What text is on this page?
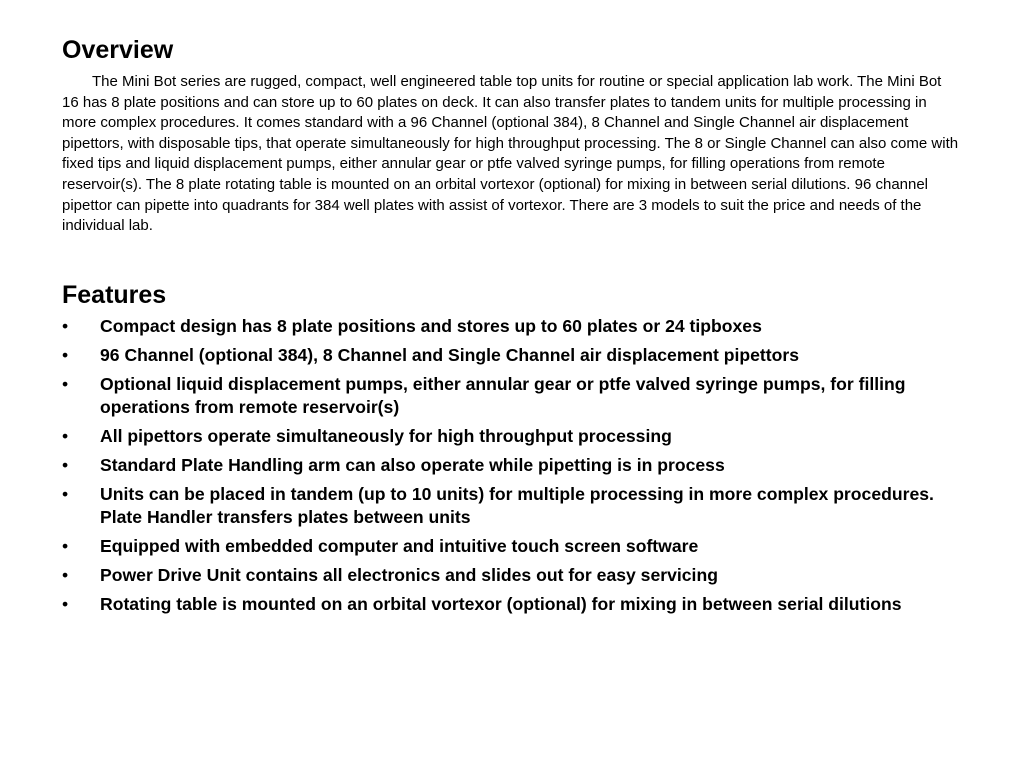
Overview

The Mini Bot series are rugged, compact, well engineered table top units for routine or special application lab work. The Mini Bot 16 has 8 plate positions and can store up to 60 plates on deck. It can also transfer plates to tandem units for multiple processing in more complex procedures. It comes standard with a 96 Channel (optional 384), 8 Channel and Single Channel air displacement pipettors, with disposable tips, that operate simultaneously for high throughput processing. The 8 or Single Channel can also come with fixed tips and liquid displacement pumps, either annular gear or ptfe valved syringe pumps, for filling operations from remote reservoir(s). The 8 plate rotating table is mounted on an orbital vortexor (optional) for mixing in between serial dilutions. 96 channel pipettor can pipette into quadrants for 384 well plates with assist of vortexor. There are 3 models to suit the price and needs of the individual lab.

Features
•	Compact design has 8 plate positions and stores up to 60 plates or 24 tipboxes
•	96 Channel (optional 384), 8 Channel and Single Channel air displacement pipettors
•	Optional liquid displacement pumps, either annular gear or ptfe valved syringe pumps, for filling operations from remote reservoir(s)
•	All pipettors operate simultaneously for high throughput processing
•	Standard Plate Handling arm can also operate while pipetting is in process
•	Units can be placed in tandem (up to 10 units) for multiple processing in more complex procedures. Plate Handler transfers plates between units
•	Equipped with embedded computer and intuitive touch screen software
•	Power Drive Unit contains all electronics and slides out for easy servicing
•	Rotating table is mounted on an orbital vortexor (optional) for mixing in between serial dilutions
